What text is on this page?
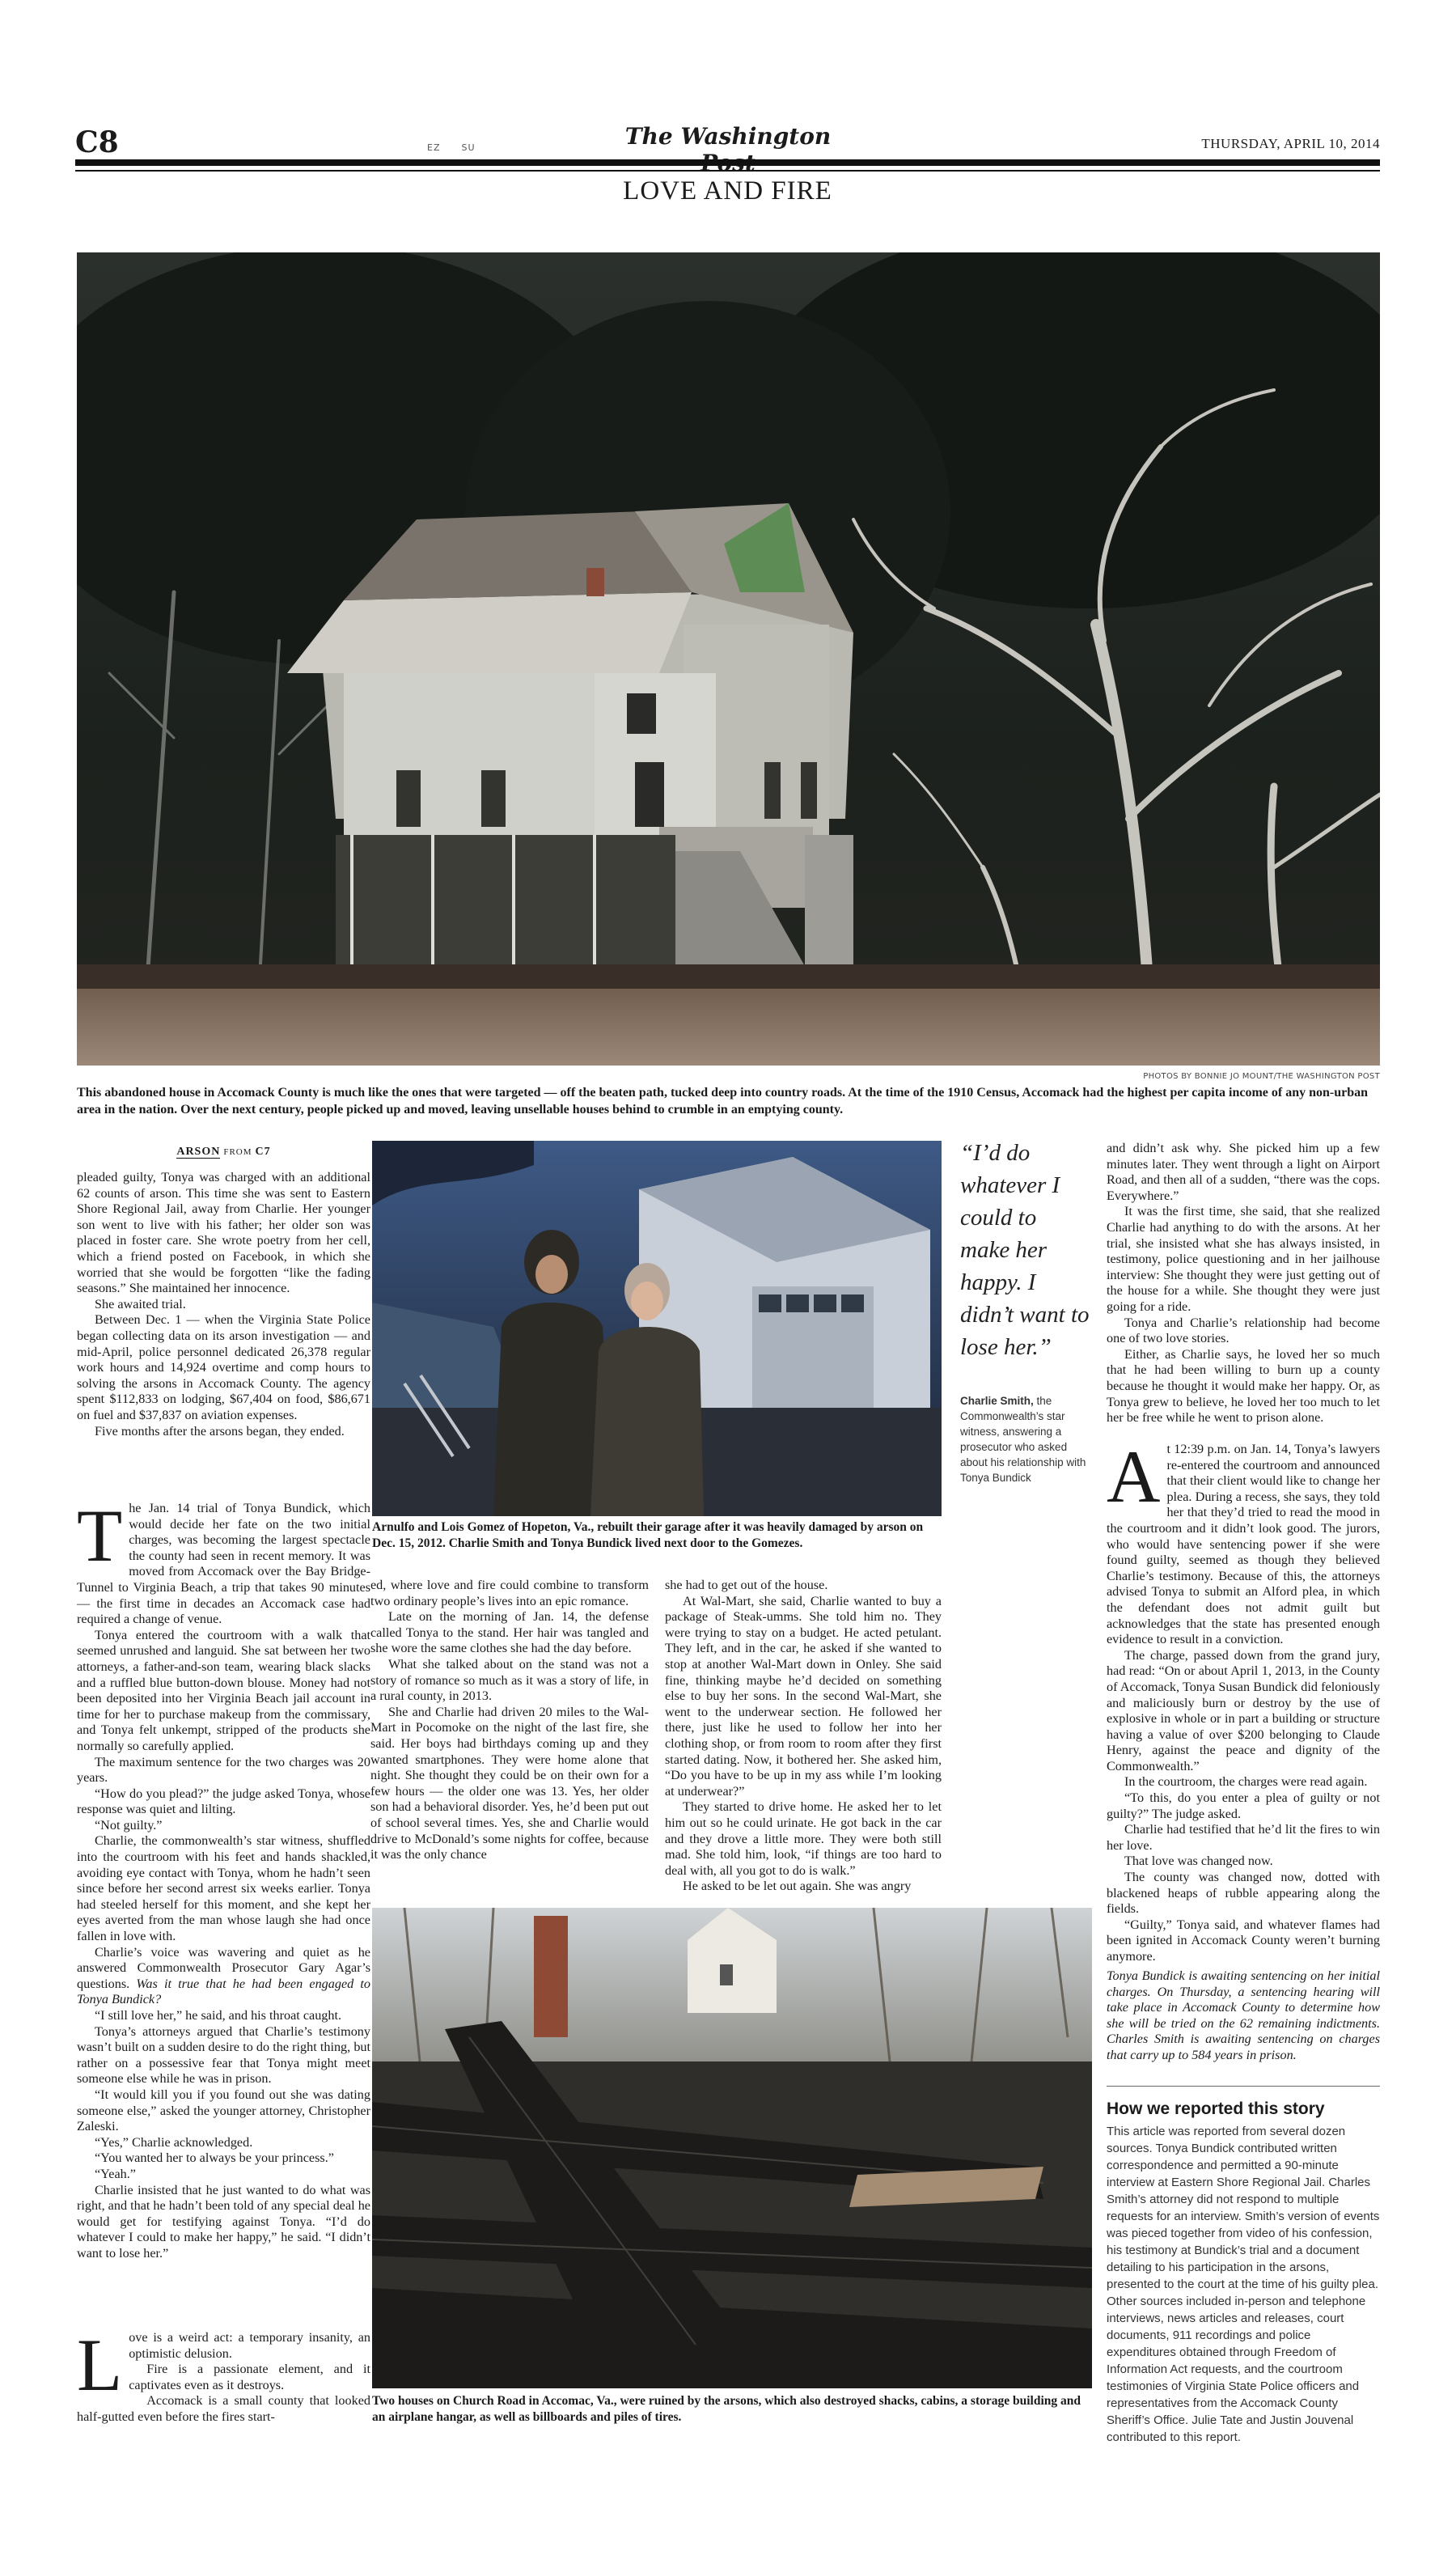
C8	EZ SU	The Washington	THURSDAY, APRIL 10, 2014
LOVE AND FIRE
PHOTOS BY BONNIE JO MOUNT/THE WASHINGTON POST
This abandoned house in Accomack County is much like the ones that were targeted — off the beaten path, tucked deep into country roads. At the time of the 1910 Census, Accomack had the highest per capita income of any non-urban area in the nation. Over the next century, people picked up and moved, leaving unsellable houses behind to crumble in an emptying county.
ARSON FROM C7

pleaded guilty, Tonya was charged with an additional 62 counts of arson. This time she was sent to Eastern Shore Regional Jail, away from Charlie. Her younger son went to live with his father; her older son was placed in foster care. She wrote poetry from her cell, which a friend posted on Facebook, in which she worried that she would be forgotten “like the fading seasons.” She maintained her innocence.

She awaited trial.

Between Dec. 1 — when the Virginia State Police began collecting data on its arson investigation — and mid-April, police personnel dedicated 26,378 regular work hours and 14,924 overtime and comp hours to solving the arsons in Accomack County. The agency spent $112,833 on lodging, $67,404 on food, $86,671 on fuel and $37,837 on aviation expenses.

Five months after the arsons began, they ended.

The Jan. 14 trial of Tonya Bundick, which would decide her fate on the two initial charges, was becoming the largest spectacle the county had seen in recent memory. It was moved from Accomack over the Bay Bridge-Tunnel to Virginia Beach, a trip that takes 90 minutes — the first time in decades an Accomack case had required a change of venue.

Tonya entered the courtroom with a walk that seemed unrushed and languid. She sat between her two attorneys, a father-and-son team, wearing black slacks and a ruffled blue button-down blouse. Money had not been deposited into her Virginia Beach jail account in time for her to purchase makeup from the commissary, and Tonya felt unkempt, stripped of the products she normally so carefully applied.

The maximum sentence for the two charges was 20 years.

“How do you plead?” the judge asked Tonya, whose response was quiet and lilting.

“Not guilty.”

Charlie, the commonwealth’s star witness, shuffled into the courtroom with his feet and hands shackled, avoiding eye contact with Tonya, whom he hadn’t seen since before her second arrest six weeks earlier. Tonya had steeled herself for this moment, and she kept her eyes averted from the man whose laugh she had once fallen in love with.

Charlie’s voice was wavering and quiet as he answered Commonwealth Prosecutor Gary Agar’s questions. Was it true that he had been engaged to Tonya Bundick?

“I still love her,” he said, and his throat caught.

Tonya’s attorneys argued that Charlie’s testimony wasn’t built on a sudden desire to do the right thing, but rather on a possessive fear that Tonya might meet someone else while he was in prison.

“It would kill you if you found out she was dating someone else,” asked the younger attorney, Christopher Zaleski.

“Yes,” Charlie acknowledged.

“You wanted her to always be your princess.”

“Yeah.”

Charlie insisted that he just wanted to do what was right, and that he hadn’t been told of any special deal he would get for testifying against Tonya. “I’d do whatever I could to make her happy,” he said. “I didn’t want to lose her.”

Love is a weird act: a temporary insanity, an optimistic delusion.

Fire is a passionate element, and it captivates even as it destroys.

Accomack is a small county that looked half-gutted even before the fires start-

Arnulfo and Lois Gomez of Hopeton, Va., rebuilt their garage after it was heavily damaged by arson on Dec. 15, 2012. Charlie Smith and Tonya Bundick lived next door to the Gomezes.

ed, where love and fire could combine to transform two ordinary people’s lives into an epic romance.

Late on the morning of Jan. 14, the defense called Tonya to the stand. Her hair was tangled and she wore the same clothes she had the day before.

What she talked about on the stand was not a story of romance so much as it was a story of life, in a rural county, in 2013.

She and Charlie had driven 20 miles to the Wal-Mart in Pocomoke on the night of the last fire, she said. Her boys had birthdays coming up and they wanted smartphones. They were home alone that night. She thought they could be on their own for a few hours — the older one was 13. Yes, her older son had a behavioral disorder. Yes, he’d been put out of school several times. Yes, she and Charlie would drive to McDonald’s some nights for coffee, because it was the only chance

she had to get out of the house.

At Wal-Mart, she said, Charlie wanted to buy a package of Steak-umms. She told him no. They were trying to stay on a budget. He acted petulant. They left, and in the car, he asked if she wanted to stop at another Wal-Mart down in Onley. She said fine, thinking maybe he’d decided on something else to buy her sons. In the second Wal-Mart, she went to the underwear section. He followed her there, just like he used to follow her into her clothing shop, or from room to room after they first started dating. Now, it bothered her. She asked him, “Do you have to be up in my ass while I’m looking at underwear?”

They started to drive home. He asked her to let him out so he could urinate. He got back in the car and they drove a little more. They were both still mad. She told him, look, “if things are too hard to deal with, all you got to do is walk.”

He asked to be let out again. She was angry

“I’d do whatever I could to make her happy. I didn’t want to lose her.”
Charlie Smith, the Commonwealth’s star witness, answering a prosecutor who asked about his relationship with Tonya Bundick

and didn’t ask why. She picked him up a few minutes later. They went through a light on Airport Road, and then all of a sudden, “there was the cops. Everywhere.”

It was the first time, she said, that she realized Charlie had anything to do with the arsons. At her trial, she insisted what she has always insisted, in testimony, police questioning and in her jailhouse interview: She thought they were just getting out of the house for a while. She thought they were just going for a ride.

Tonya and Charlie’s relationship had become one of two love stories.

Either, as Charlie says, he loved her so much that he had been willing to burn up a county because he thought it would make her happy. Or, as Tonya grew to believe, he loved her too much to let her be free while he went to prison alone.

At 12:39 p.m. on Jan. 14, Tonya’s lawyers re-entered the courtroom and announced that their client would like to change her plea. During a recess, she says, they told her that they’d tried to read the mood in the courtroom and it didn’t look good. The jurors, who would have sentencing power if she were found guilty, seemed as though they believed Charlie’s testimony. Because of this, the attorneys advised Tonya to submit an Alford plea, in which the defendant does not admit guilt but acknowledges that the state has presented enough evidence to result in a conviction.

The charge, passed down from the grand jury, had read: “On or about April 1, 2013, in the County of Accomack, Tonya Susan Bundick did feloniously and maliciously burn or destroy by the use of explosive in whole or in part a building or structure having a value of over $200 belonging to Claude Henry, against the peace and dignity of the Commonwealth.”

In the courtroom, the charges were read again.

“To this, do you enter a plea of guilty or not guilty?” The judge asked.

Charlie had testified that he’d lit the fires to win her love.

That love was changed now.

The county was changed now, dotted with blackened heaps of rubble appearing along the fields.

“Guilty,” Tonya said, and whatever flames had been ignited in Accomack County weren’t burning anymore.

Tonya Bundick is awaiting sentencing on her initial charges. On Thursday, a sentencing hearing will take place in Accomack County to determine how she will be tried on the 62 remaining indictments. Charles Smith is awaiting sentencing on charges that carry up to 584 years in prison.
How we reported this story
This article was reported from several dozen sources. Tonya Bundick contributed written correspondence and permitted a 90-minute interview at Eastern Shore Regional Jail. Charles Smith’s attorney did not respond to multiple requests for an interview. Smith’s version of events was pieced together from video of his confession, his testimony at Bundick’s trial and a document detailing to his participation in the arsons, presented to the court at the time of his guilty plea. Other sources included in-person and telephone interviews, news articles and releases, court documents, 911 recordings and police expenditures obtained through Freedom of Information Act requests, and the courtroom testimonies of Virginia State Police officers and representatives from the Accomack County Sheriff’s Office. Julie Tate and Justin Jouvenal contributed to this report.
Two houses on Church Road in Accomac, Va., were ruined by the arsons, which also destroyed shacks, cabins, a storage building and an airplane hangar, as well as billboards and piles of tires.
